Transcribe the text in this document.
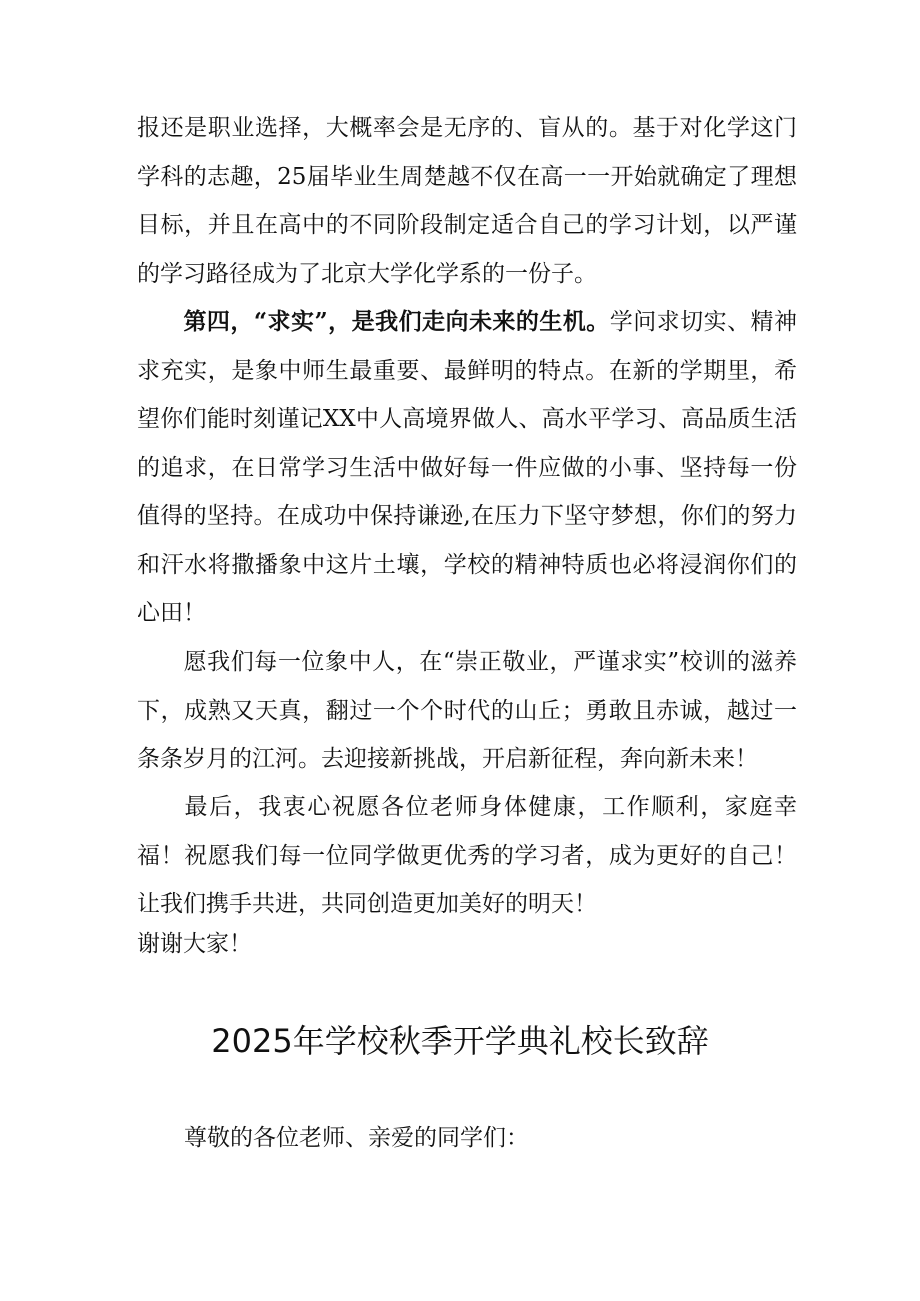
报还是职业选择，大概率会是无序的、盲从的。基于对化学这门学科的志趣，25届毕业生周楚越不仅在高一一开始就确定了理想目标，并且在高中的不同阶段制定适合自己的学习计划，以严谨的学习路径成为了北京大学化学系的一份子。

第四，“求实”，是我们走向未来的生机。学问求切实、精神求充实，是象中师生最重要、最鲜明的特点。在新的学期里，希望你们能时刻谨记XX中人高境界做人、高水平学习、高品质生活的追求，在日常学习生活中做好每一件应做的小事、坚持每一份值得的坚持。在成功中保持谦逊,在压力下坚守梦想，你们的努力和汗水将撒播象中这片土壤，学校的精神特质也必将浸润你们的心田！

愿我们每一位象中人，在“崇正敬业，严谨求实”校训的滋养下，成熟又天真，翻过一个个时代的山丘；勇敢且赤诚，越过一条条岁月的江河。去迎接新挑战，开启新征程，奔向新未来！

最后，我衷心祝愿各位老师身体健康，工作顺利，家庭幸福！祝愿我们每一位同学做更优秀的学习者，成为更好的自己！让我们携手共进，共同创造更加美好的明天！

谢谢大家！

2025年学校秋季开学典礼校长致辞

尊敬的各位老师、亲爱的同学们：
